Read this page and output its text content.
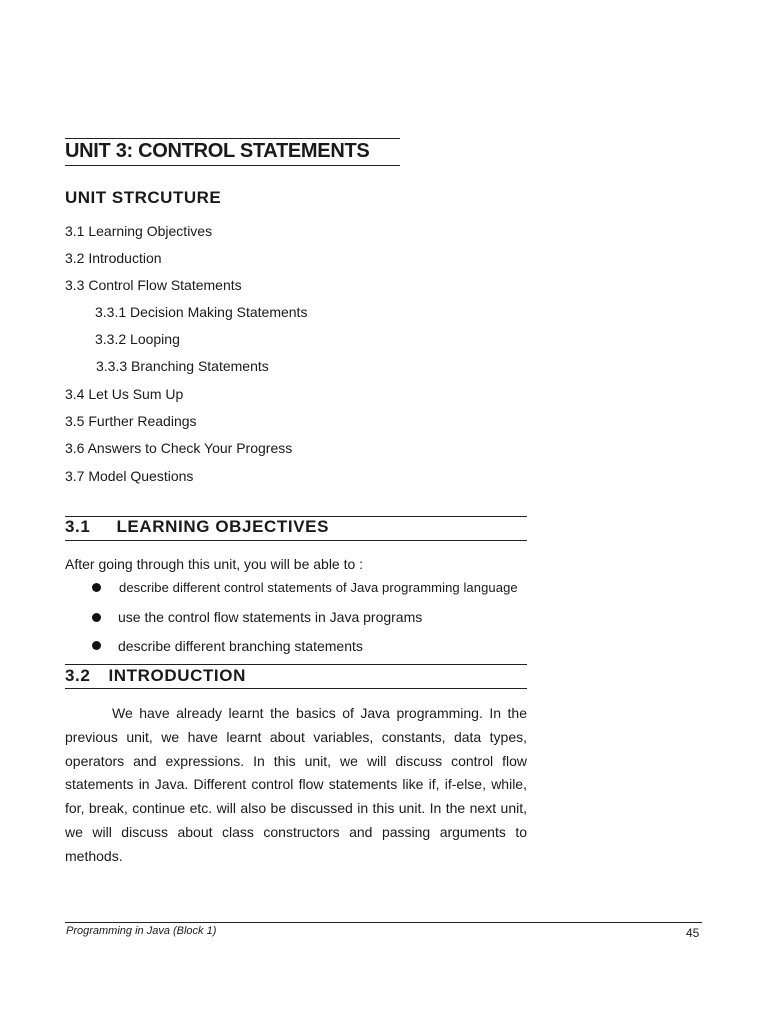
UNIT 3: CONTROL STATEMENTS
UNIT STRCUTURE
3.1 Learning Objectives
3.2 Introduction
3.3 Control Flow Statements
3.3.1 Decision Making Statements
3.3.2 Looping
3.3.3 Branching Statements
3.4 Let Us Sum Up
3.5 Further Readings
3.6 Answers to Check Your Progress
3.7 Model Questions
3.1 LEARNING OBJECTIVES
After going through this unit, you will be able to :
describe different control statements of Java programming language
use the control flow statements in Java programs
describe different branching statements
3.2 INTRODUCTION
We have already learnt the basics of Java programming. In the previous unit, we have learnt about variables, constants, data types, operators and expressions. In this unit, we will discuss control flow statements in Java. Different control flow statements like if, if-else, while, for, break, continue etc. will also be discussed in this unit. In the next unit, we will discuss about class constructors and passing arguments to methods.
Programming in Java (Block 1)	45
